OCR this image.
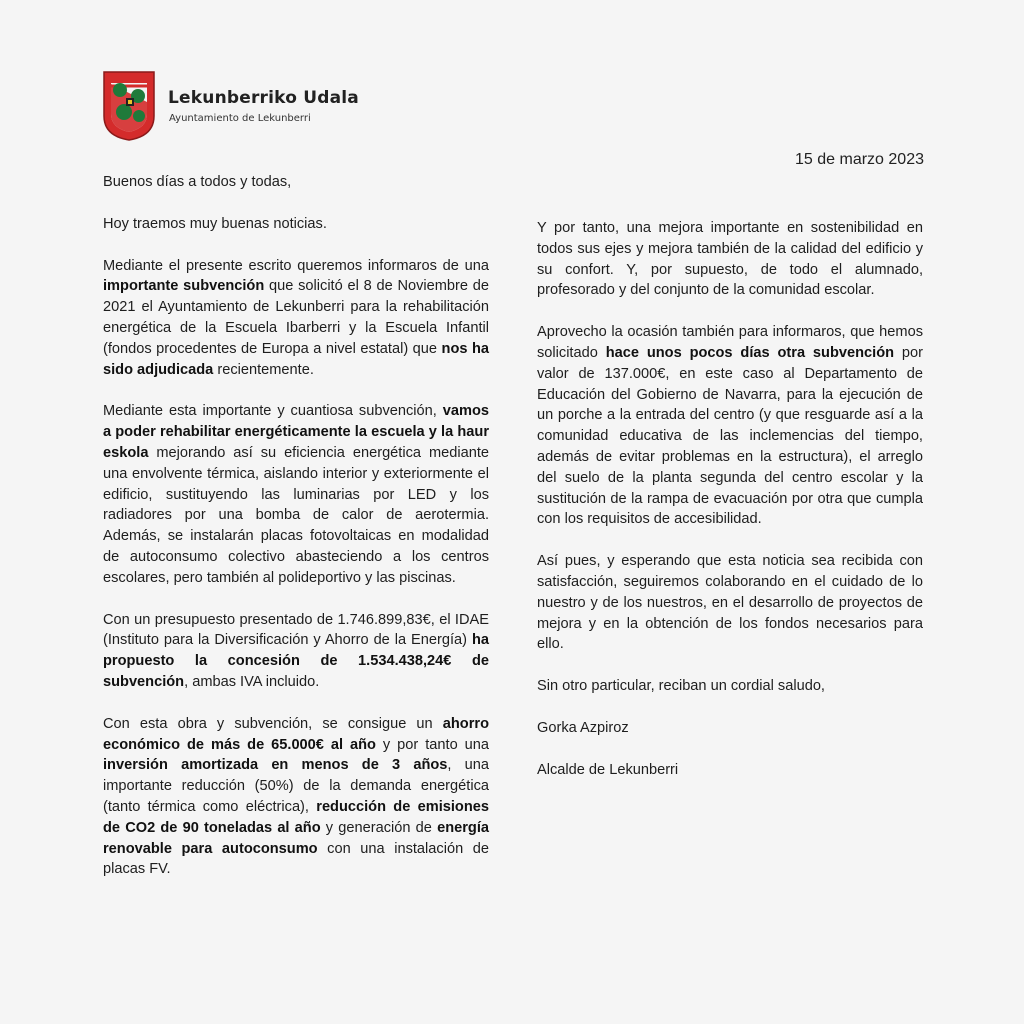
Lekunberriko Udala
Ayuntamiento de Lekunberri
15 de marzo 2023

Buenos días a todos y todas,

Hoy traemos muy buenas noticias.

Mediante el presente escrito queremos informaros de una importante subvención que solicitó el 8 de Noviembre de 2021 el Ayuntamiento de Lekunberri para la rehabilitación energética de la Escuela Ibarberri y la Escuela Infantil (fondos procedentes de Europa a nivel estatal) que nos ha sido adjudicada recientemente.

Mediante esta importante y cuantiosa subvención, vamos a poder rehabilitar energéticamente la escuela y la haur eskola mejorando así su eficiencia energética mediante una envolvente térmica, aislando interior y exteriormente el edificio, sustituyendo las luminarias por LED y los radiadores por una bomba de calor de aerotermia. Además, se instalarán placas fotovoltaicas en modalidad de autoconsumo colectivo abasteciendo a los centros escolares, pero también al polideportivo y las piscinas.

Con un presupuesto presentado de 1.746.899,83€, el IDAE (Instituto para la Diversificación y Ahorro de la Energía) ha propuesto la concesión de 1.534.438,24€ de subvención, ambas IVA incluido.

Con esta obra y subvención, se consigue un ahorro económico de más de 65.000€ al año y por tanto una inversión amortizada en menos de 3 años, una importante reducción (50%) de la demanda energética (tanto térmica como eléctrica), reducción de emisiones de CO2 de 90 toneladas al año y generación de energía renovable para autoconsumo con una instalación de placas FV.

Y por tanto, una mejora importante en sostenibilidad en todos sus ejes y mejora también de la calidad del edificio y su confort. Y, por supuesto, de todo el alumnado, profesorado y del conjunto de la comunidad escolar.

Aprovecho la ocasión también para informaros, que hemos solicitado hace unos pocos días otra subvención por valor de 137.000€, en este caso al Departamento de Educación del Gobierno de Navarra, para la ejecución de un porche a la entrada del centro (y que resguarde así a la comunidad educativa de las inclemencias del tiempo, además de evitar problemas en la estructura), el arreglo del suelo de la planta segunda del centro escolar y la sustitución de la rampa de evacuación por otra que cumpla con los requisitos de accesibilidad.

Así pues, y esperando que esta noticia sea recibida con satisfacción, seguiremos colaborando en el cuidado de lo nuestro y de los nuestros, en el desarrollo de proyectos de mejora y en la obtención de los fondos necesarios para ello.

Sin otro particular, reciban un cordial saludo,

Gorka Azpiroz

Alcalde de Lekunberri
